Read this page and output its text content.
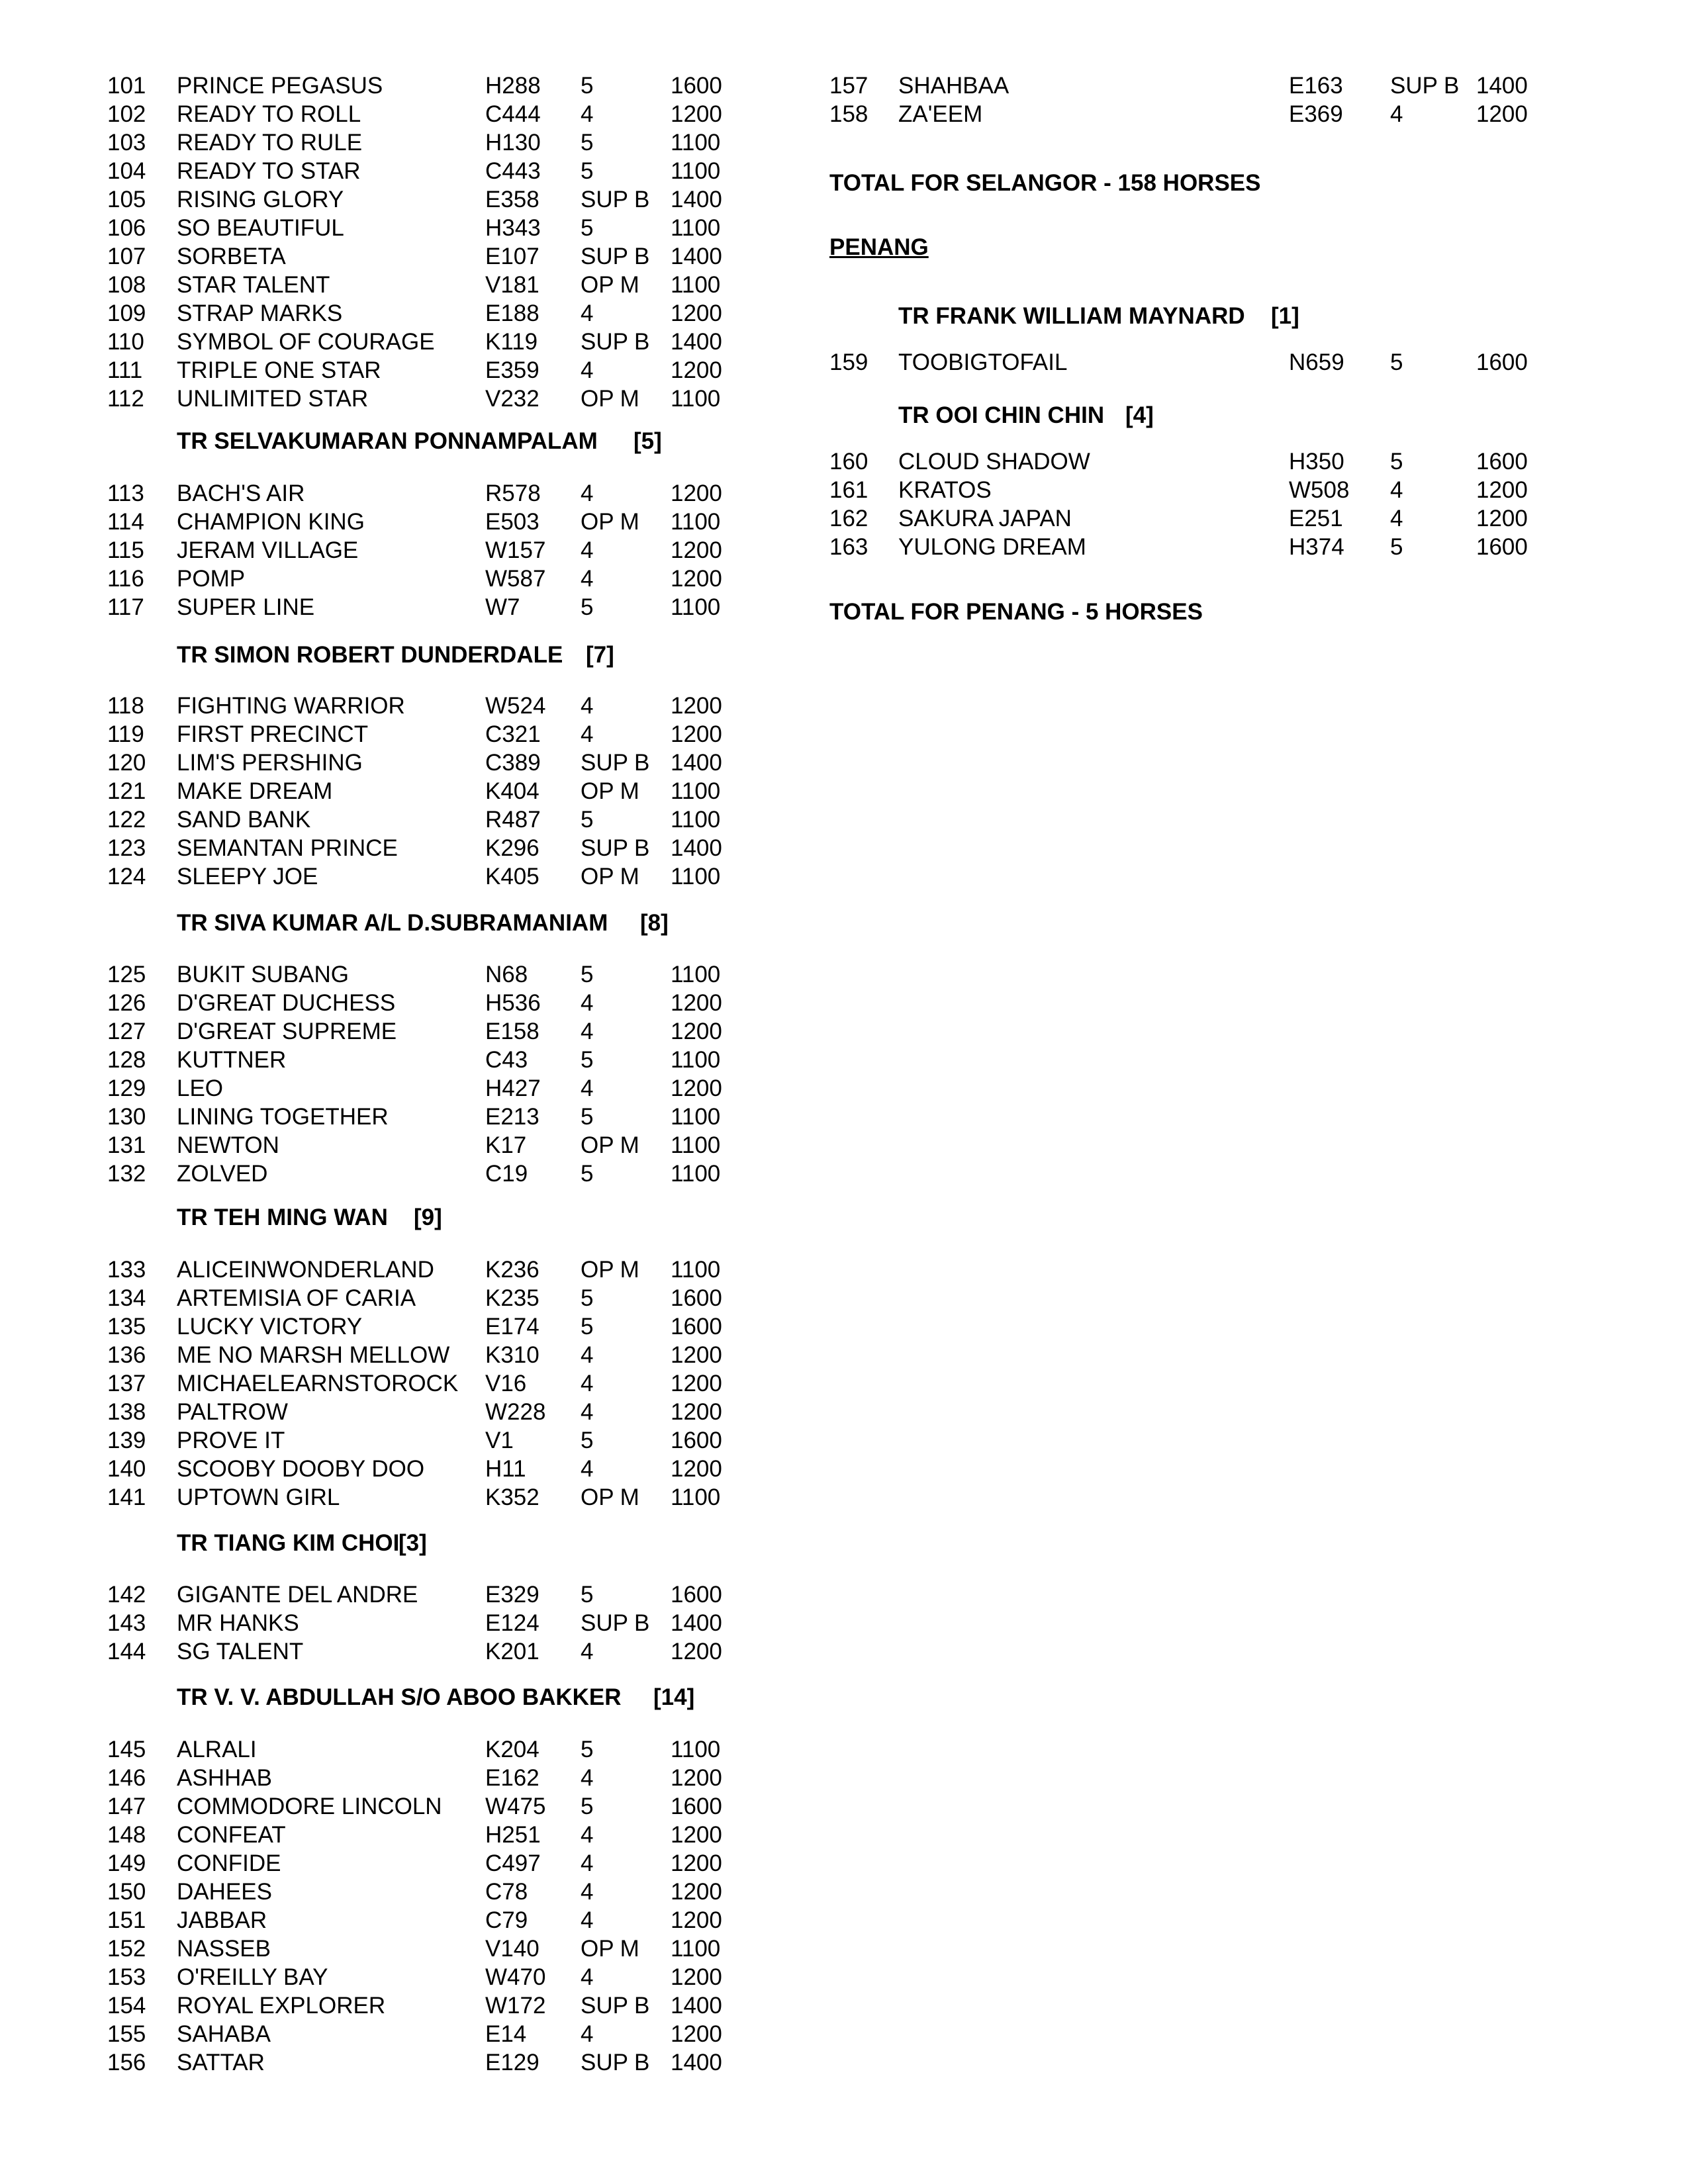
101 PRINCE PEGASUS	H288 5	1600
102 READY TO ROLL	C444 4	1200
103 READY TO RULE	H130 5	1100
104 READY TO STAR	C443 5	1100
105 RISING GLORY	E358 SUP B 1400
106 SO BEAUTIFUL	H343 5	1100
107 SORBETA	E107 SUP B 1400
108 STAR TALENT	V181 OP M 1100
109 STRAP MARKS	E188 4	1200
110 SYMBOL OF COURAGE K119 SUP B 1400
111 TRIPLE ONE STAR	E359 4	1200
112 UNLIMITED STAR	V232 OP M 1100
TR SELVAKUMARAN PONNAMPALAM [5]
113 BACH'S AIR	R578 4	1200
114 CHAMPION KING	E503 OP M 1100
115 JERAM VILLAGE	W157 4	1200
116 POMP	W587 4	1200
117 SUPER LINE	W7	5	1100
TR SIMON ROBERT DUNDERDALE [7]
118 FIGHTING WARRIOR	W524 4	1200
119 FIRST PRECINCT	C321 4	1200
120 LIM'S PERSHING	C389 SUP B 1400
121 MAKE DREAM	K404 OP M 1100
122 SAND BANK	R487 5	1100
123 SEMANTAN PRINCE	K296 SUP B 1400
124 SLEEPY JOE	K405 OP M 1100
TR SIVA KUMAR A/L D.SUBRAMANIAM [8]
125 BUKIT SUBANG	N68 5	1100
126 D'GREAT DUCHESS	H536 4	1200
127 D'GREAT SUPREME	E158 4	1200
128 KUTTNER	C43 5	1100
129 LEO	H427 4	1200
130 LINING TOGETHER	E213 5	1100
131 NEWTON	K17 OP M 1100
132 ZOLVED	C19 5	1100
TR TEH MING WAN [9]
133 ALICEINWONDERLAND K236 OP M 1100
134 ARTEMISIA OF CARIA	K235 5	1600
135 LUCKY VICTORY	E174 5	1600
136 ME NO MARSH MELLOW K310 4	1200
137 MICHAELEARNSTOROCK V16 4	1200
138 PALTROW	W228 4	1200
139 PROVE IT	V1	5	1600
140 SCOOBY DOOBY DOO	H11 4	1200
141 UPTOWN GIRL	K352 OP M 1100
TR TIANG KIM CHOI
[3]
142 GIGANTE DEL ANDRE	E329 5	1600
143 MR HANKS	E124 SUP B 1400
144 SG TALENT	K201 4	1200
TR V. V. ABDULLAH S/O ABOO BAKKER [14]
145 ALRALI	K204 5	1100
146 ASHHAB	E162 4	1200
147 COMMODORE LINCOLN W475 5	1600
148 CONFEAT	H251 4	1200
149 CONFIDE	C497 4	1200
150 DAHEES	C78 4	1200
151 JABBAR	C79 4	1200
152 NASSEB	V140 OP M 1100
153 O'REILLY BAY	W470 4	1200
154 ROYAL EXPLORER	W172 SUP B 1400
155 SAHABA	E14 4	1200
156 SATTAR	E129 SUP B 1400
157 SHAHBAA	E163 SUP B 1400
158 ZA'EEM	E369 4	1200
TOTAL FOR SELANGOR - 158 HORSES
PENANG
TR FRANK WILLIAM MAYNARD [1]
159 TOOBIGTOFAIL	N659 5	1600
TR OOI CHIN CHIN [4]
160 CLOUD SHADOW	H350 5	1600
161 KRATOS	W508 4	1200
162 SAKURA JAPAN	E251 4	1200
163 YULONG DREAM	H374 5	1600
TOTAL FOR PENANG - 5 HORSES
